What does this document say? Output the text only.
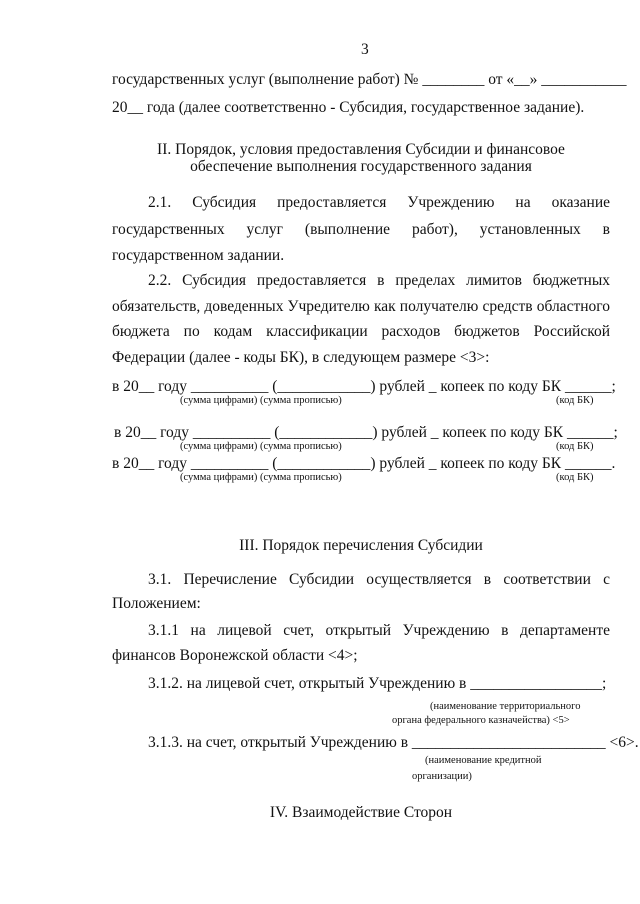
3
государственных услуг (выполнение работ) № ________ от «__» ___________
20__ года (далее соответственно - Субсидия, государственное задание).
II. Порядок, условия предоставления Субсидии и финансовое
обеспечение выполнения государственного задания
2.1. Субсидия предоставляется Учреждению на оказание
государственных услуг (выполнение работ), установленных в
государственном задании.
2.2. Субсидия предоставляется в пределах лимитов бюджетных
обязательств, доведенных Учредителю как получателю средств областного
бюджета по кодам классификации расходов бюджетов Российской
Федерации (далее - коды БК), в следующем размере <3>:
в 20__ году __________ (____________) рублей _ копеек по коду БК ______;
(сумма цифрами) (сумма прописью)	(код БК)
в 20__ году __________ (____________) рублей _ копеек по коду БК ______;
(сумма цифрами) (сумма прописью)	(код БК)
в 20__ году __________ (____________) рублей _ копеек по коду БК ______.
(сумма цифрами) (сумма прописью)	(код БК)
III. Порядок перечисления Субсидии
3.1. Перечисление Субсидии осуществляется в соответствии с
Положением:
3.1.1 на лицевой счет, открытый Учреждению в департаменте
финансов Воронежской области <4>;
3.1.2. на лицевой счет, открытый Учреждению в _________________;
(наименование территориального
органа федерального казначейства) <5>
3.1.3. на счет, открытый Учреждению в _________________________ <6>.
(наименование кредитной
организации)
IV. Взаимодействие Сторон
